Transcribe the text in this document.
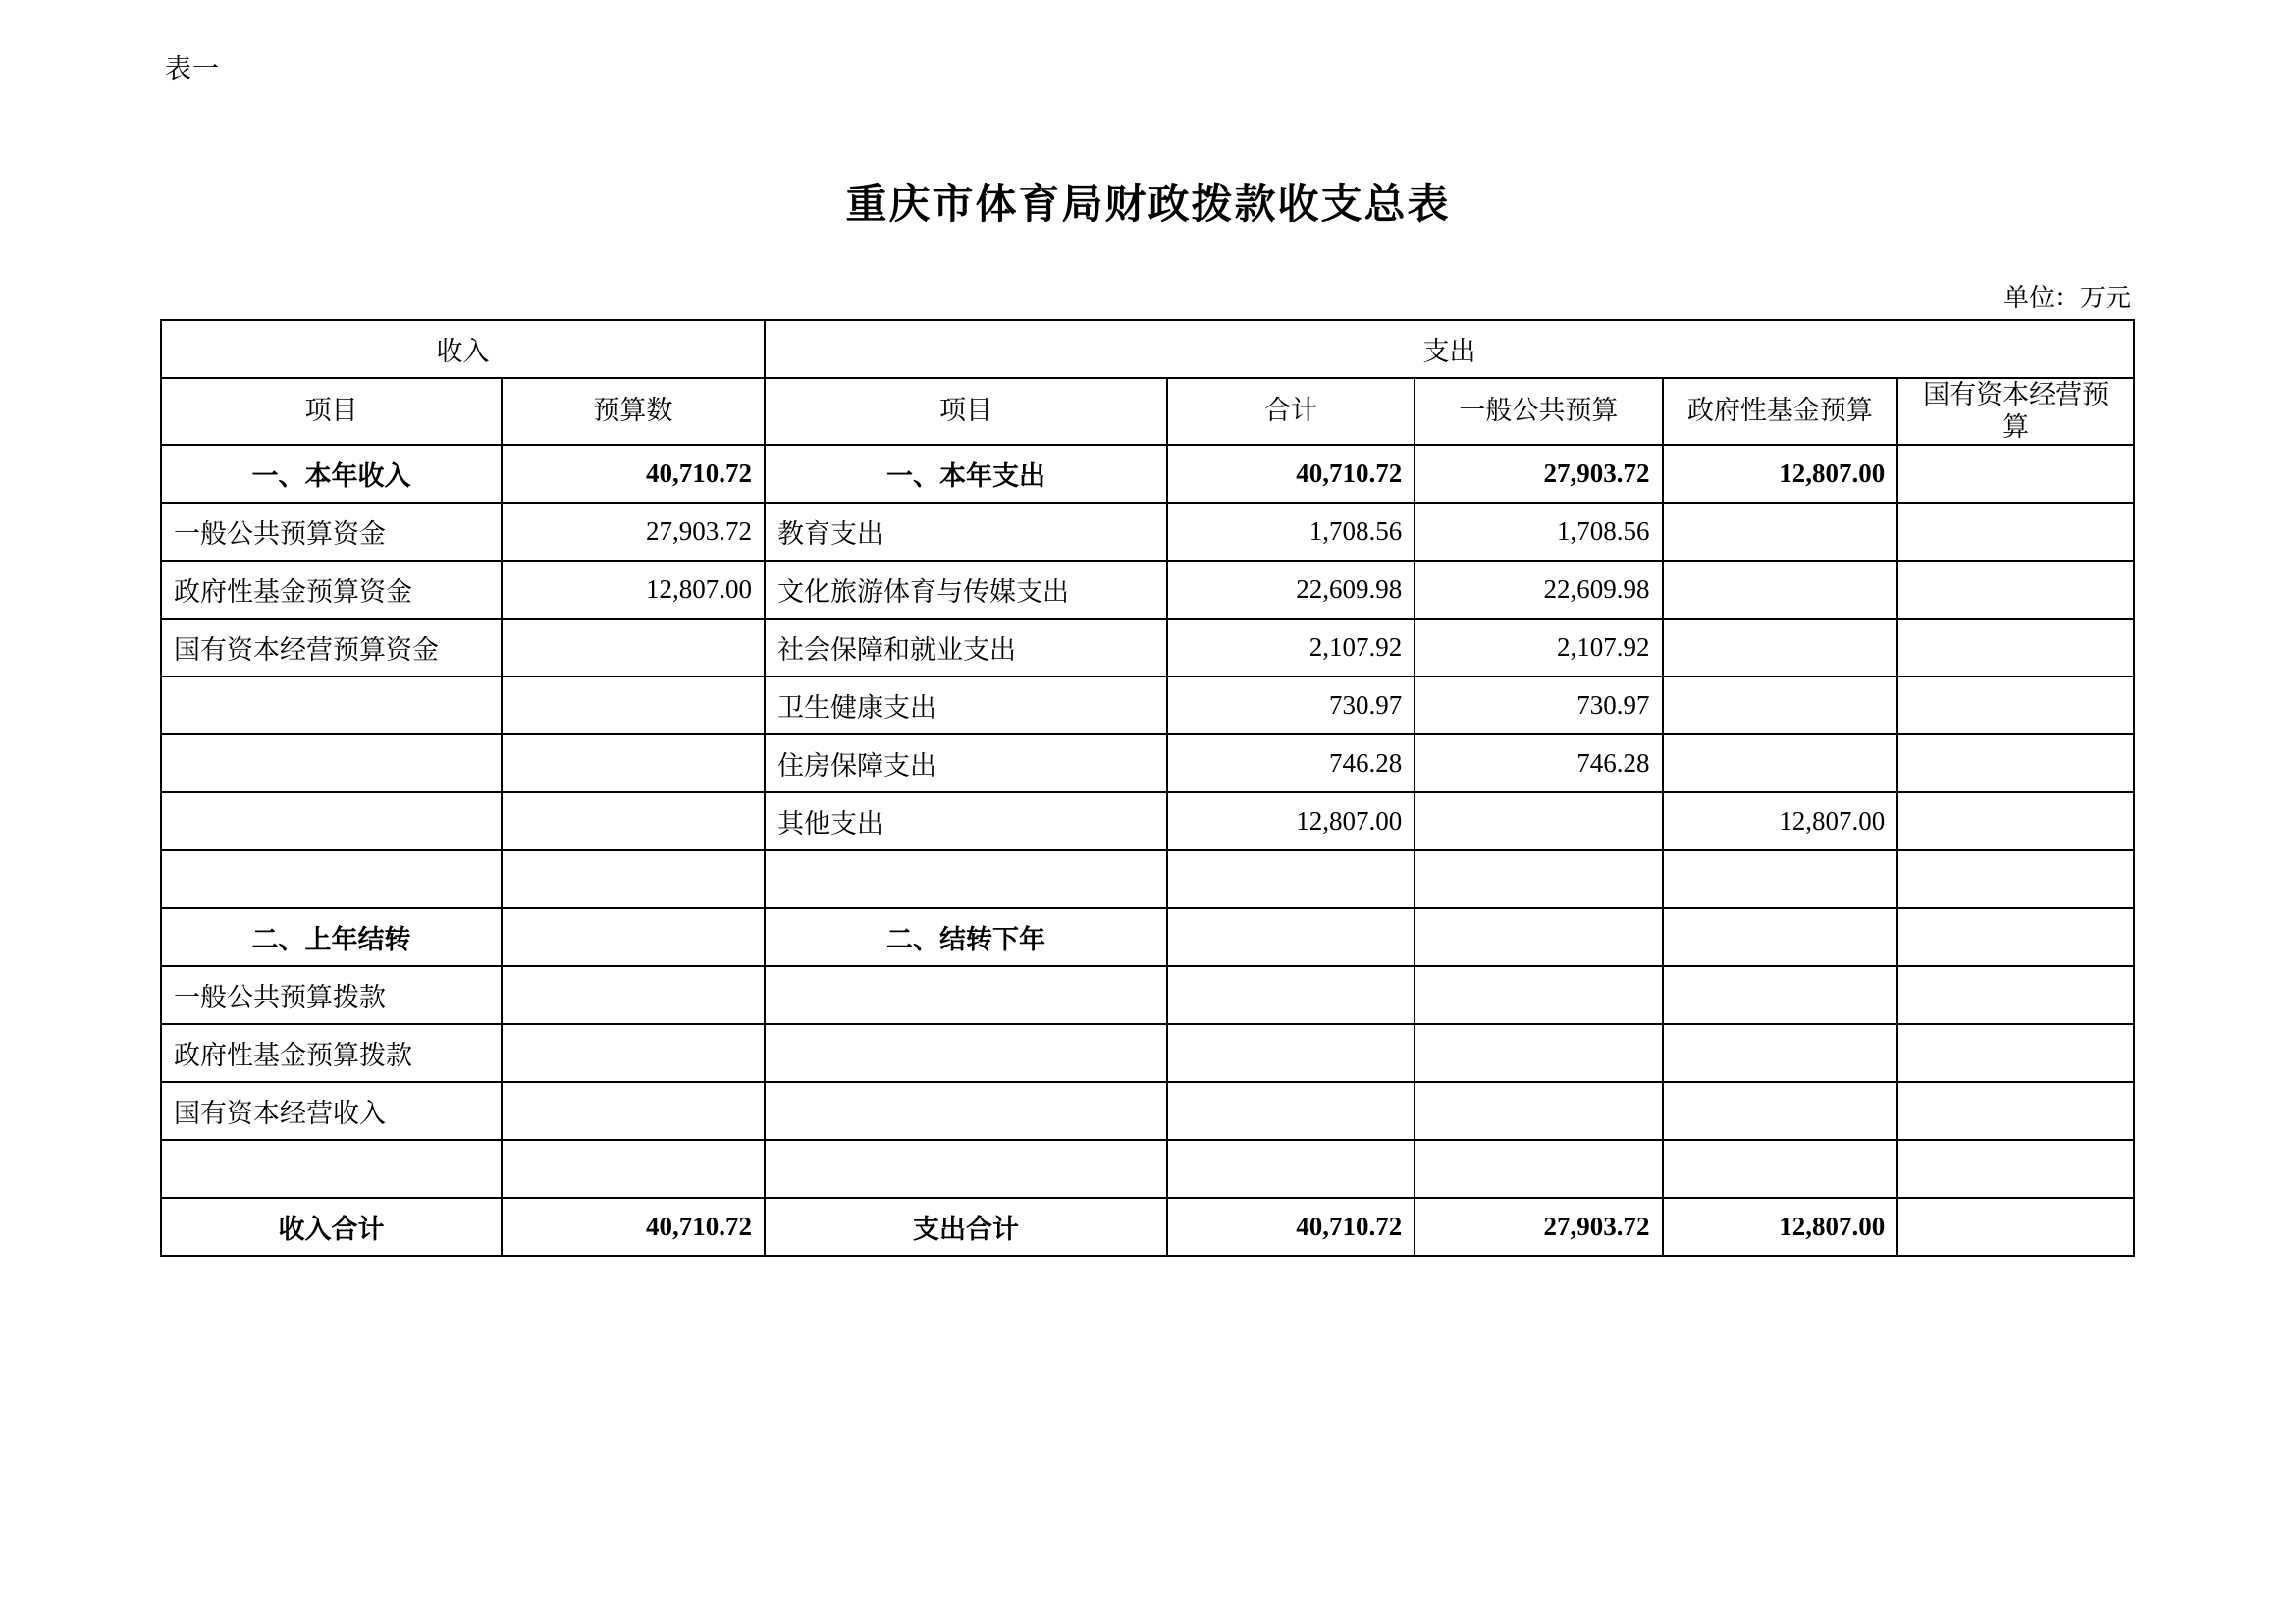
表一
重庆市体育局财政拨款收支总表
单位：万元
收入		支出				
项目	预算数	项目	合计	一般公共预算	政府性基金预算	国有资本经营预算
一、本年收入	40,710.72	一、本年支出	40,710.72	27,903.72	12,807.00	
一般公共预算资金	27,903.72	教育支出	1,708.56	1,708.56		
政府性基金预算资金	12,807.00	文化旅游体育与传媒支出	22,609.98	22,609.98		
国有资本经营预算资金		社会保障和就业支出	2,107.92	2,107.92		
		卫生健康支出	730.97	730.97		
		住房保障支出	746.28	746.28		
		其他支出	12,807.00		12,807.00	

二、上年结转		二、结转下年				
一般公共预算拨款						
政府性基金预算拨款						
国有资本经营收入						

收入合计	40,710.72	支出合计	40,710.72	27,903.72	12,807.00	
